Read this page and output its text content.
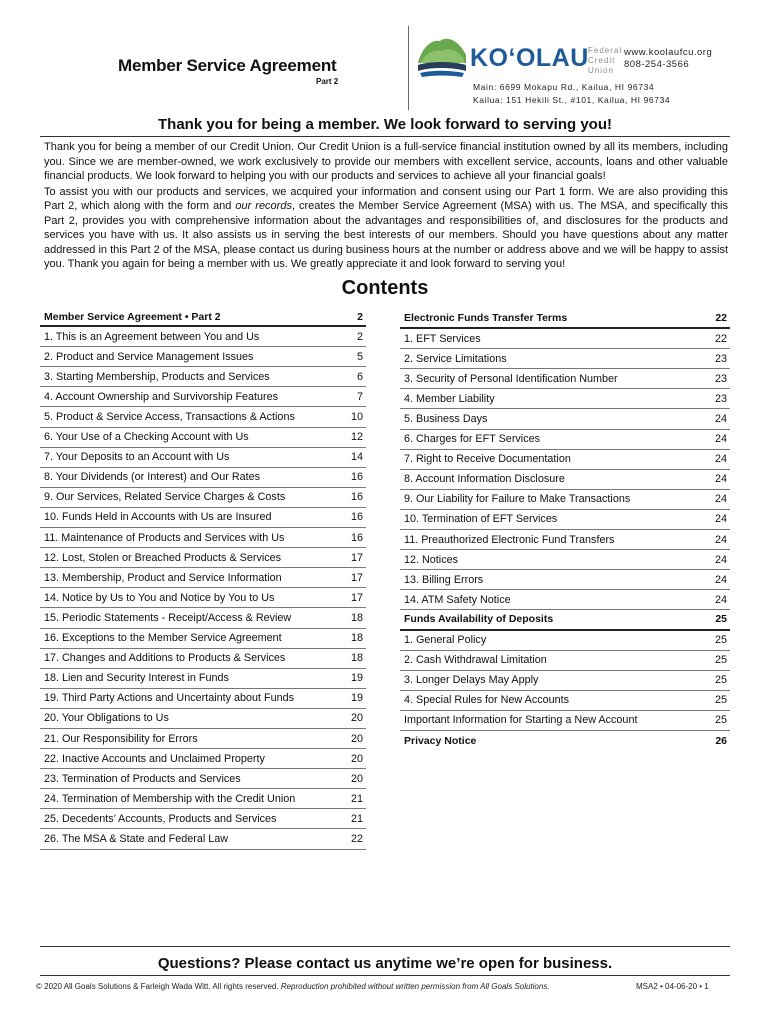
Member Service Agreement
Part 2
KO‘OLAU Federal
Credit
Union
www.koolaufcu.org
808-254-3566
Main: 6699 Mokapu Rd., Kailua, HI 96734
Kailua: 151 Hekili St., #101, Kailua, HI 96734
Thank you for being a member. We look forward to serving you!

Thank you for being a member of our Credit Union. Our Credit Union is a full-service financial institution owned by all its members, including you. Since we are member-owned, we work exclusively to provide our members with excellent service, accounts, loans and other valuable financial products. We look forward to helping you with our products and services to achieve all your financial goals!

To assist you with our products and services, we acquired your information and consent using our Part 1 form. We are also providing this Part 2, which along with the form and our records, creates the Member Service Agreement (MSA) with us. The MSA, and specifically this Part 2, provides you with comprehensive information about the advantages and responsibilities of, and disclosures for the products and services you have with us. It also assists us in serving the best interests of our members. Should you have questions about any matter addressed in this Part 2 of the MSA, please contact us during business hours at the number or address above and we will be happy to assist you. Thank you again for being a member with us. We greatly appreciate it and look forward to serving you!

Contents
Member Service Agreement • Part 2	2
1. This is an Agreement between You and Us	2
2. Product and Service Management Issues	5
3. Starting Membership, Products and Services	6
4. Account Ownership and Survivorship Features	7
5. Product & Service Access, Transactions & Actions	10
6. Your Use of a Checking Account with Us	12
7. Your Deposits to an Account with Us	14
8. Your Dividends (or Interest) and Our Rates	16
9. Our Services, Related Service Charges & Costs	16
10. Funds Held in Accounts with Us are Insured	16
11. Maintenance of Products and Services with Us	16
12. Lost, Stolen or Breached Products & Services	17
13. Membership, Product and Service Information	17
14. Notice by Us to You and Notice by You to Us	17
15. Periodic Statements - Receipt/Access & Review	18
16. Exceptions to the Member Service Agreement	18
17. Changes and Additions to Products & Services	18
18. Lien and Security Interest in Funds	19
19. Third Party Actions and Uncertainty about Funds	19
20. Your Obligations to Us	20
21. Our Responsibility for Errors	20
22. Inactive Accounts and Unclaimed Property	20
23. Termination of Products and Services	20
24. Termination of Membership with the Credit Union	21
25. Decedents’ Accounts, Products and Services	21
26. The MSA & State and Federal Law	22
Electronic Funds Transfer Terms	22
1. EFT Services	22
2. Service Limitations	23
3. Security of Personal Identification Number	23
4. Member Liability	23
5. Business Days	24
6. Charges for EFT Services	24
7. Right to Receive Documentation	24
8. Account Information Disclosure	24
9. Our Liability for Failure to Make Transactions	24
10. Termination of EFT Services	24
11. Preauthorized Electronic Fund Transfers	24
12. Notices	24
13. Billing Errors	24
14. ATM Safety Notice	24
Funds Availability of Deposits	25
1. General Policy	25
2. Cash Withdrawal Limitation	25
3. Longer Delays May Apply	25
4. Special Rules for New Accounts	25
Important Information for Starting a New Account	25
Privacy Notice	26
Questions? Please contact us anytime we’re open for business.
© 2020 All Goals Solutions & Farleigh Wada Witt. All rights reserved. Reproduction prohibited without written permission from All Goals Solutions.	MSA2 • 04-06-20 • 1
